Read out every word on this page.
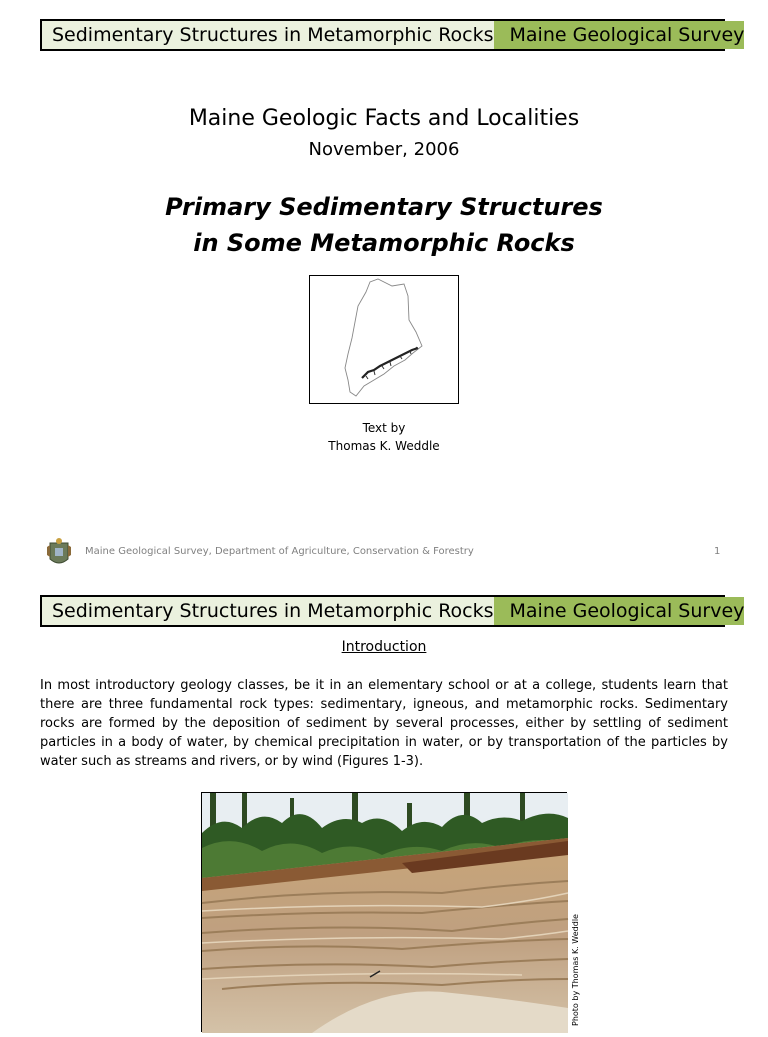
Sedimentary Structures in Metamorphic Rocks Maine Geological Survey
Maine Geologic Facts and Localities
November, 2006
Primary Sedimentary Structures
in Some Metamorphic Rocks
Text by
Thomas K. Weddle
Maine Geological Survey, Department of Agriculture, Conservation & Forestry	1
Sedimentary Structures in Metamorphic Rocks Maine Geological Survey
Introduction
In most introductory geology classes, be it in an elementary school or at a college, students learn that there are three fundamental rock types: sedimentary, igneous, and metamorphic rocks. Sedimentary rocks are formed by the deposition of sediment by several processes, either by settling of sediment particles in a body of water, by chemical precipitation in water, or by transportation of the particles by water such as streams and rivers, or by wind (Figures 1-3).
Photo by Thomas K. Weddle
